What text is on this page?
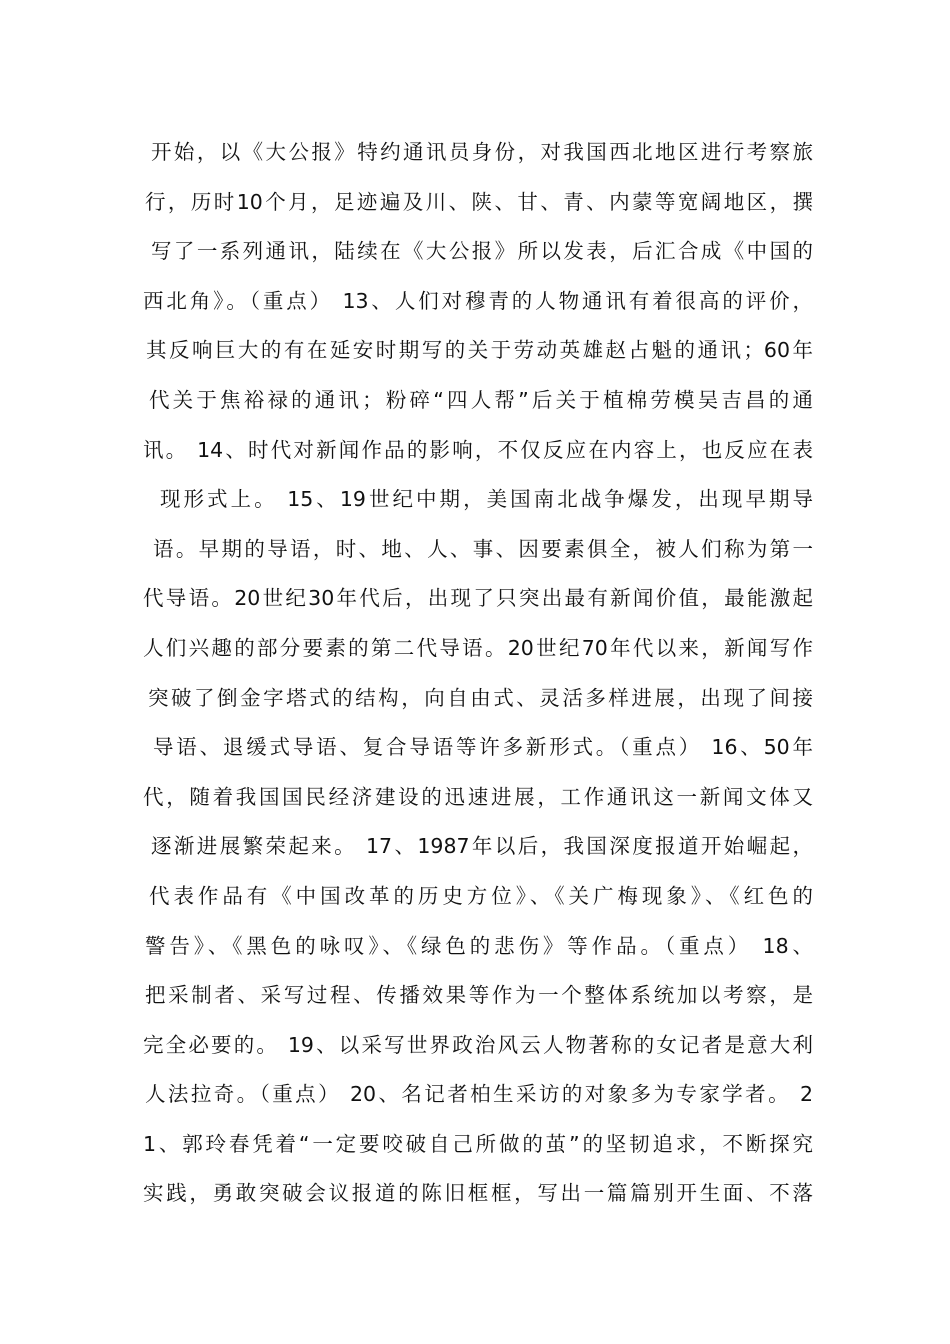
开始，以《大公报》特约通讯员身份，对我国西北地区进行考察旅
行，历时10个月，足迹遍及川、陕、甘、青、内蒙等宽阔地区，撰
写了一系列通讯，陆续在《大公报》所以发表，后汇合成《中国的
西北角》。（重点） 13、人们对穆青的人物通讯有着很高的评价，
其反响巨大的有在延安时期写的关于劳动英雄赵占魁的通讯；60年
代关于焦裕禄的通讯；粉碎“四人帮”后关于植棉劳模吴吉昌的通
讯。 14、时代对新闻作品的影响，不仅反应在内容上，也反应在表
现形式上。 15、19世纪中期，美国南北战争爆发，出现早期导
语。早期的导语，时、地、人、事、因要素俱全，被人们称为第一
代导语。20世纪30年代后，出现了只突出最有新闻价值，最能激起
人们兴趣的部分要素的第二代导语。20世纪70年代以来，新闻写作
突破了倒金字塔式的结构，向自由式、灵活多样进展，出现了间接
导语、退缓式导语、复合导语等许多新形式。（重点） 16、50年
代，随着我国国民经济建设的迅速进展，工作通讯这一新闻文体又
逐渐进展繁荣起来。 17、1987年以后，我国深度报道开始崛起，
代表作品有《中国改革的历史方位》、《关广梅现象》、《红色的
警告》、《黑色的咏叹》、《绿色的悲伤》等作品。（重点） 18、
把采制者、采写过程、传播效果等作为一个整体系统加以考察，是
完全必要的。 19、以采写世界政治风云人物著称的女记者是意大利
人法拉奇。（重点） 20、名记者柏生采访的对象多为专家学者。 2
1、郭玲春凭着“一定要咬破自己所做的茧”的坚韧追求，不断探究
实践，勇敢突破会议报道的陈旧框框，写出一篇篇别开生面、不落
